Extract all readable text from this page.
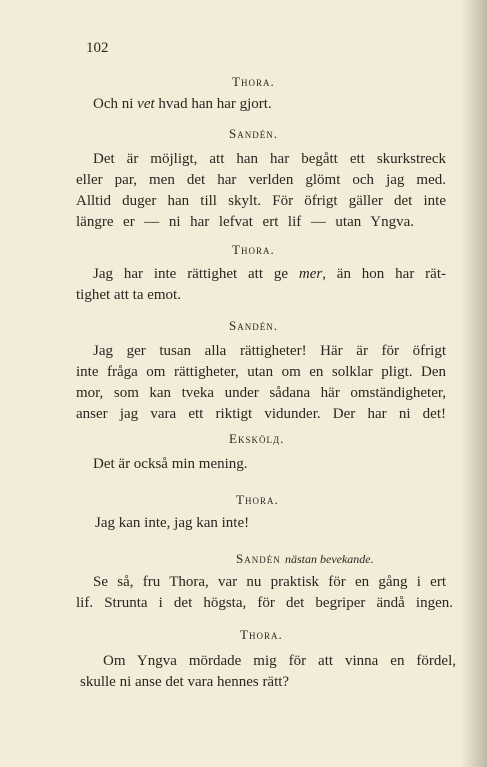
102
Thora.
Och ni vet hvad han har gjort.
Sandén.
Det är möjligt, att han har begått ett skurkstreck
eller par, men det har verlden glömt och jag med.
Alltid duger han till skylt. För öfrigt gäller det inte
längre er — ni har lefvat ert lif — utan Yngva.
Thora.
Jag har inte rättighet att ge mer, än hon har rät-
tighet att ta emot.
Sandén.
Jag ger tusan alla rättigheter! Här är för öfrigt
inte fråga om rättigheter, utan om en solklar pligt. Den
mor, som kan tveka under sådana här omständigheter,
anser jag vara ett riktigt vidunder. Der har ni det!
Ekskölд.
Det är också min mening.
Thora.
Jag kan inte, jag kan inte!
Sandén nästan bevekande.
Se så, fru Thora, var nu praktisk för en gång i ert
lif. Strunta i det högsta, för det begriper ändå ingen.
Thora.
Om Yngva mördade mig för att vinna en fördel,
skulle ni anse det vara hennes rätt?
